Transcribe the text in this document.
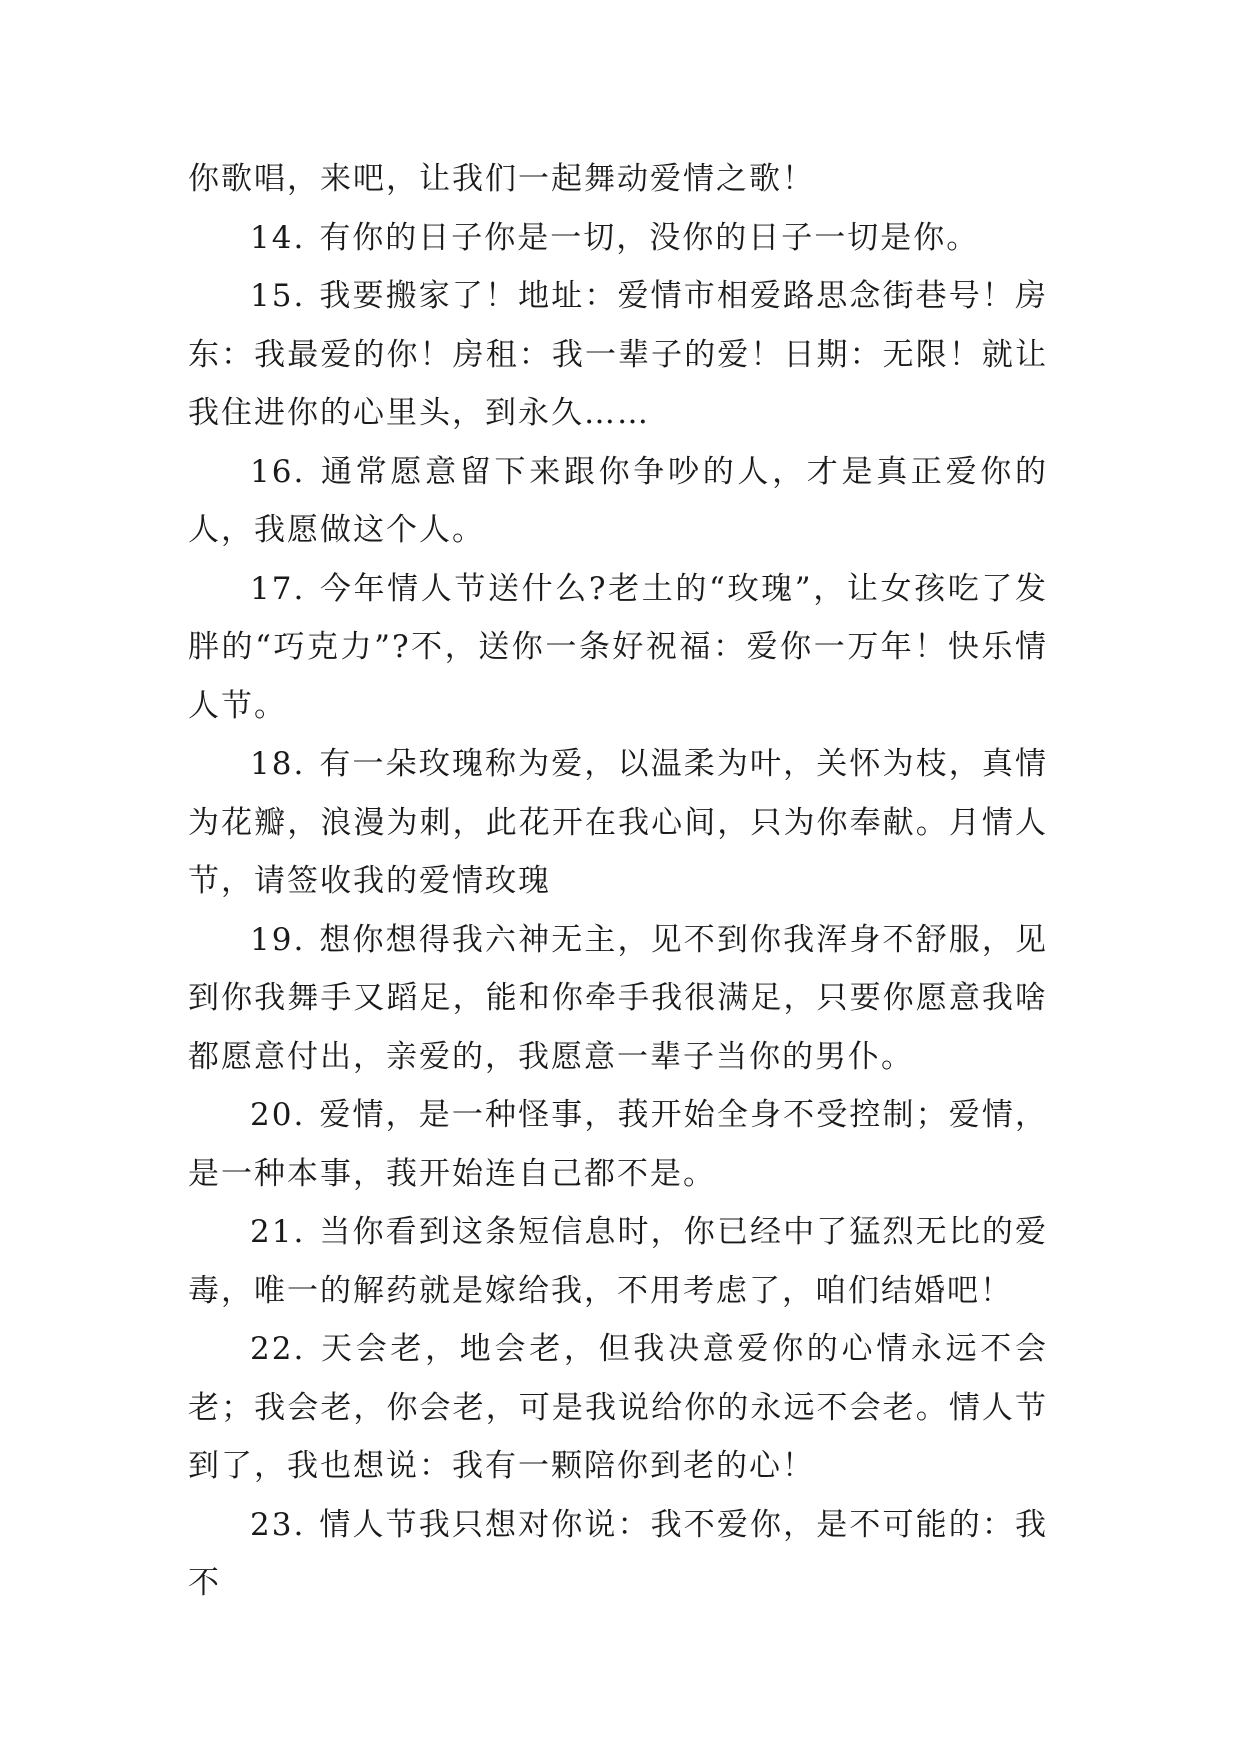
你歌唱，来吧，让我们一起舞动爱情之歌！

14. 有你的日子你是一切，没你的日子一切是你。

15. 我要搬家了！地址：爱情市相爱路思念街巷号！房东：我最爱的你！房租：我一辈子的爱！日期：无限！就让我住进你的心里头，到永久……

16. 通常愿意留下来跟你争吵的人，才是真正爱你的人，我愿做这个人。

17. 今年情人节送什么?老土的“玫瑰”，让女孩吃了发胖的“巧克力”?不，送你一条好祝福：爱你一万年！快乐情人节。

18. 有一朵玫瑰称为爱，以温柔为叶，关怀为枝，真情为花瓣，浪漫为刺，此花开在我心间，只为你奉献。月情人节，请签收我的爱情玫瑰

19. 想你想得我六神无主，见不到你我浑身不舒服，见到你我舞手又蹈足，能和你牵手我很满足，只要你愿意我啥都愿意付出，亲爱的，我愿意一辈子当你的男仆。

20. 爱情，是一种怪事，莪开始全身不受控制；爱情，是一种本事，莪开始连自己都不是。

21. 当你看到这条短信息时，你已经中了猛烈无比的爱毒，唯一的解药就是嫁给我，不用考虑了，咱们结婚吧！

22. 天会老，地会老，但我决意爱你的心情永远不会老；我会老，你会老，可是我说给你的永远不会老。情人节到了，我也想说：我有一颗陪你到老的心！

23. 情人节我只想对你说：我不爱你，是不可能的：我不
